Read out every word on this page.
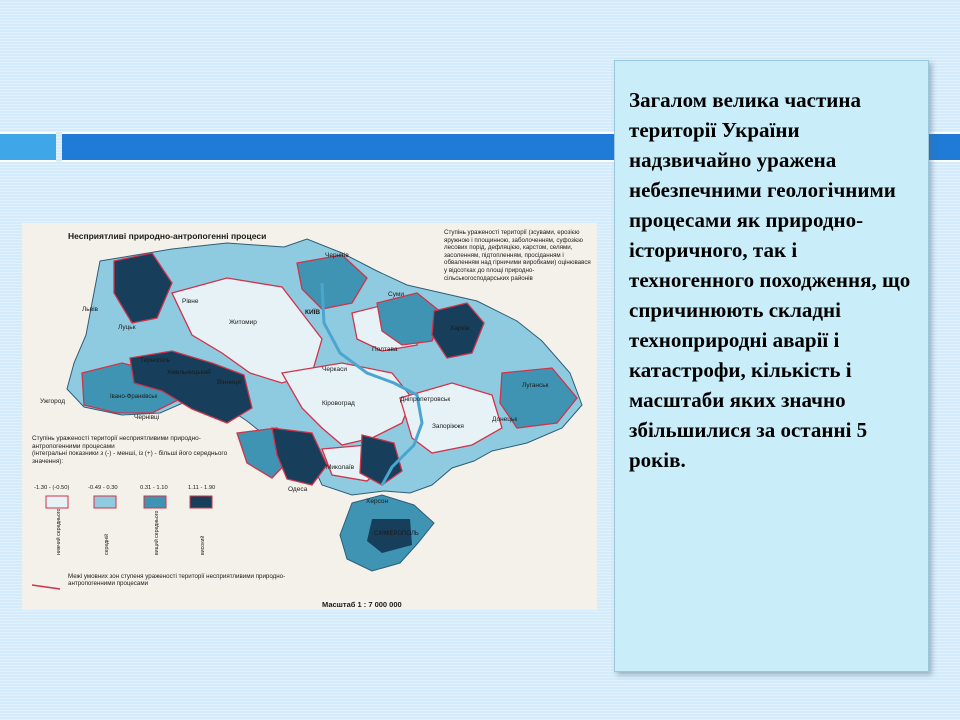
Несприятливі природно-антропогенні процеси	Ступінь ураженості території (зсувами, ерозією яружною і площинною, заболоченням, суфозією лесових порід, дефляцією, карстом, селями, засоленням, підтопленням, просіданням і обваленням над гірничими виробками) оцінювався у відсотках до площі природно-сільськогосподарських районів
Луцьк
Рівне
Львів
Житомир
КИЇВ
Чернігів
Суми
Харків
Полтава
Черкаси
Тернопіль
Хмельницький
Вінниця
Ужгород
Івано-Франківськ
Чернівці
Кіровоград
Дніпропетровськ
Луганськ
Донецьк
Запоріжжя
Миколаїв
Одеса
Херсон
СІМФЕРОПОЛЬ
Ступінь ураженості території несприятливими природно-антропогенними процесами
(інтегральні показники з (-) - менші, із (+) - більші його середнього значення):
-1.30 - (-0.50)	-0.49 - 0.30	0.31 - 1.10	1.11 - 1.90
нижчий середнього	середній	вищий середнього	високий
Межі умовних зон ступеня ураженості території несприятливими природно-антропогенними процесами
Масштаб 1 : 7 000 000

Загалом велика частина території України надзвичайно уражена небезпечними геологічними процесами як природно-історичного, так і техногенного походження, що спричинюють складні технoприродні аварії і катастрофи, кількість і масштаби яких значно збільшилися за останні 5 років.
